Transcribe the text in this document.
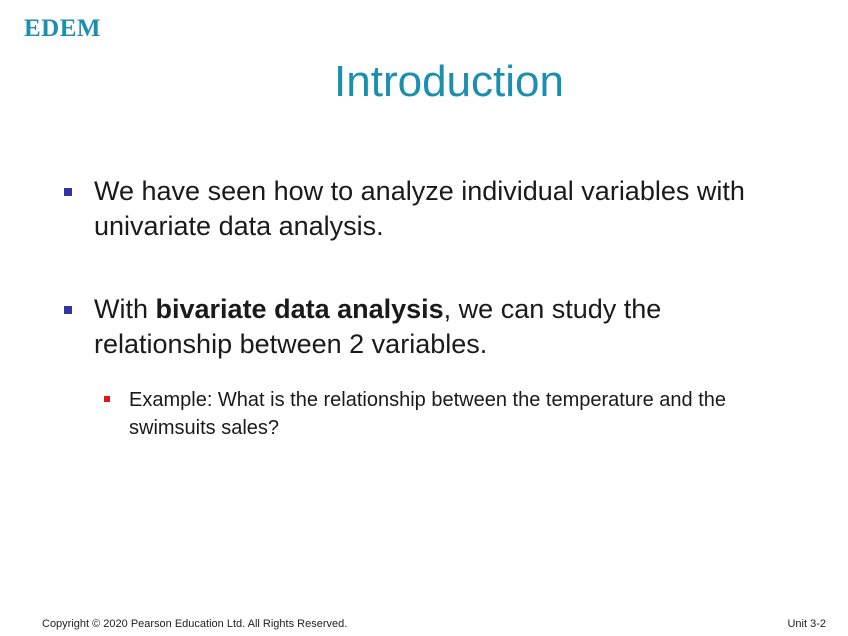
EDEM
Introduction
We have seen how to analyze individual variables with univariate data analysis.
With bivariate data analysis, we can study the relationship between 2 variables.
Example: What is the relationship between the temperature and the swimsuits sales?
Copyright © 2020 Pearson Education Ltd. All Rights Reserved.	Unit 3-2
